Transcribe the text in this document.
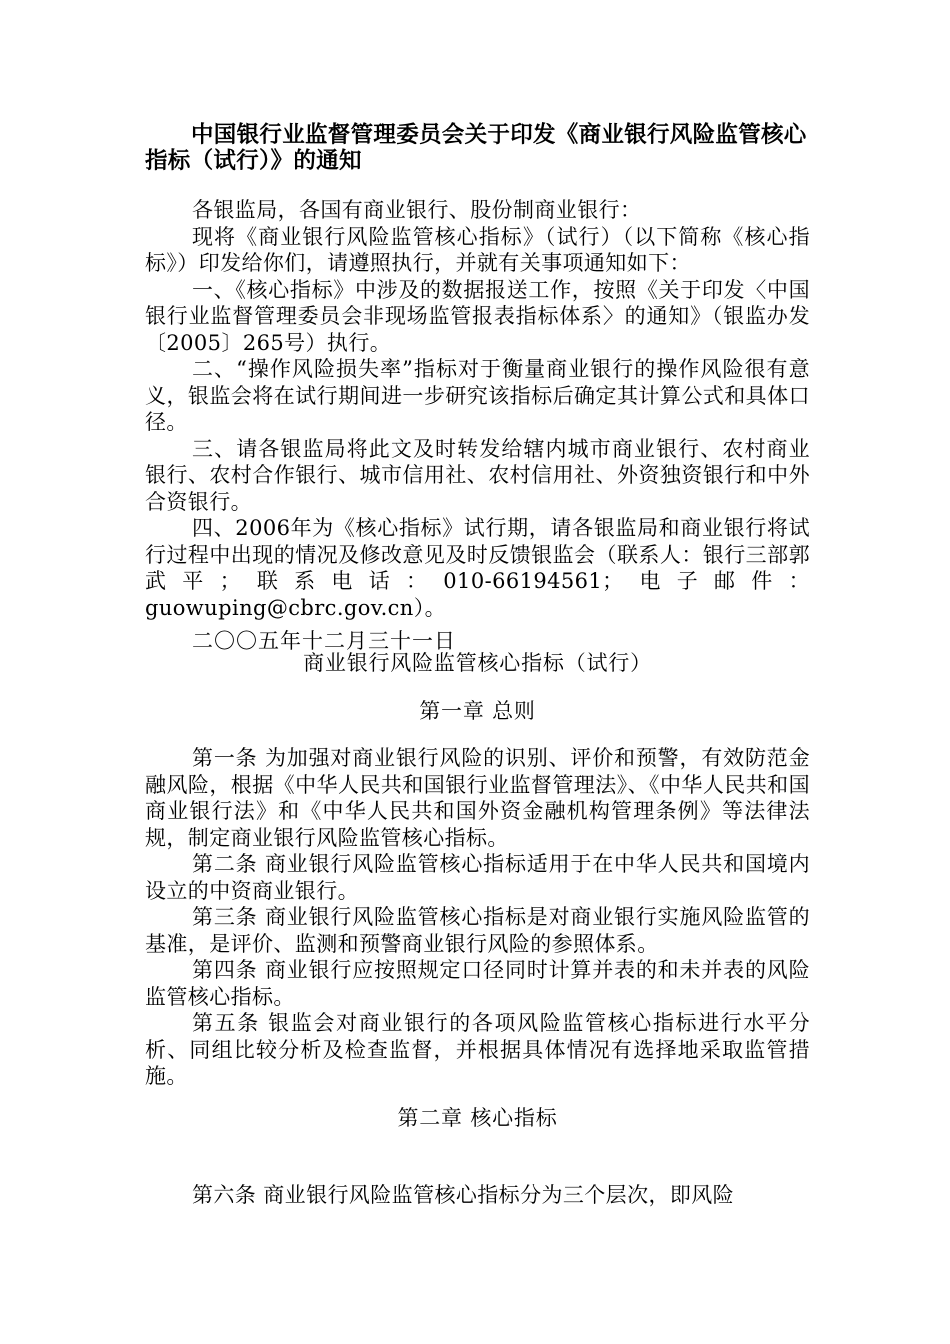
中国银行业监督管理委员会关于印发《商业银行风险监管核心指标（试行）》的通知

各银监局，各国有商业银行、股份制商业银行：

现将《商业银行风险监管核心指标》（试行）（以下简称《核心指标》）印发给你们，请遵照执行，并就有关事项通知如下：

一、《核心指标》中涉及的数据报送工作，按照《关于印发〈中国银行业监督管理委员会非现场监管报表指标体系〉的通知》（银监办发〔2005〕265号）执行。

二、“操作风险损失率”指标对于衡量商业银行的操作风险很有意义，银监会将在试行期间进一步研究该指标后确定其计算公式和具体口径。

三、请各银监局将此文及时转发给辖内城市商业银行、农村商业银行、农村合作银行、城市信用社、农村信用社、外资独资银行和中外合资银行。

四、2006年为《核心指标》试行期，请各银监局和商业银行将试行过程中出现的情况及修改意见及时反馈银监会（联系人：银行三部郭武平；联系电话：010-66194561；电子邮件：guowuping@cbrc.gov.cn）。

二〇〇五年十二月三十一日

商业银行风险监管核心指标（试行）

第一章 总则

第一条 为加强对商业银行风险的识别、评价和预警，有效防范金融风险，根据《中华人民共和国银行业监督管理法》、《中华人民共和国商业银行法》和《中华人民共和国外资金融机构管理条例》等法律法规，制定商业银行风险监管核心指标。

第二条 商业银行风险监管核心指标适用于在中华人民共和国境内设立的中资商业银行。

第三条 商业银行风险监管核心指标是对商业银行实施风险监管的基准，是评价、监测和预警商业银行风险的参照体系。

第四条 商业银行应按照规定口径同时计算并表的和未并表的风险监管核心指标。

第五条 银监会对商业银行的各项风险监管核心指标进行水平分析、同组比较分析及检查监督，并根据具体情况有选择地采取监管措施。

第二章 核心指标

第六条 商业银行风险监管核心指标分为三个层次，即风险
